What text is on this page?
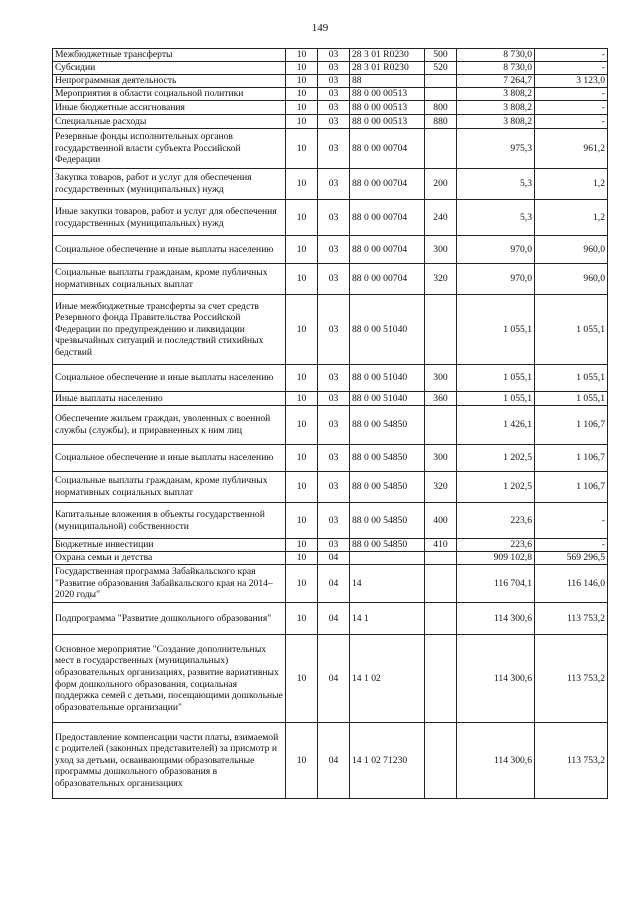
149
Межбюджетные трансферты	10	03	28 3 01 R0230	500	8 730,0	-
Субсидии	10	03	28 3 01 R0230	520	8 730,0	-
Непрограммная деятельность	10	03	88		7 264,7	3 123,0
Мероприятия в области социальной политики	10	03	88 0 00 00513		3 808,2	-
Иные бюджетные ассигнования	10	03	88 0 00 00513	800	3 808,2	-
Специальные расходы	10	03	88 0 00 00513	880	3 808,2	-
Резервные фонды исполнительных органов государственной власти субъекта Российской Федерации	10	03	88 0 00 00704		975,3	961,2
Закупка товаров, работ и услуг для обеспечения государственных (муниципальных) нужд	10	03	88 0 00 00704	200	5,3	1,2
Иные закупки товаров, работ и услуг для обеспечения государственных (муниципальных) нужд	10	03	88 0 00 00704	240	5,3	1,2
Социальное обеспечение и иные выплаты населению	10	03	88 0 00 00704	300	970,0	960,0
Социальные выплаты гражданам, кроме публичных нормативных социальных выплат	10	03	88 0 00 00704	320	970,0	960,0
Иные межбюджетные трансферты за счет средств Резервного фонда Правительства Российской Федерации по предупреждению и ликвидации чрезвычайных ситуаций и последствий стихийных бедствий	10	03	88 0 00 51040		1 055,1	1 055,1
Социальное обеспечение и иные выплаты населению	10	03	88 0 00 51040	300	1 055,1	1 055,1
Иные выплаты населению	10	03	88 0 00 51040	360	1 055,1	1 055,1
Обеспечение жильем граждан, уволенных с военной службы (службы), и приравненных к ним лиц	10	03	88 0 00 54850		1 426,1	1 106,7
Социальное обеспечение и иные выплаты населению	10	03	88 0 00 54850	300	1 202,5	1 106,7
Социальные выплаты гражданам, кроме публичных нормативных социальных выплат	10	03	88 0 00 54850	320	1 202,5	1 106,7
Капитальные вложения в объекты государственной (муниципальной) собственности	10	03	88 0 00 54850	400	223,6	-
Бюджетные инвестиции	10	03	88 0 00 54850	410	223,6	-
Охрана семьи и детства	10	04			909 102,8	569 296,5
Государственная программа Забайкальского края "Развитие образования Забайкальского края на 2014–2020 годы"	10	04	14		116 704,1	116 146,0
Подпрограмма "Развитие дошкольного образования"	10	04	14 1		114 300,6	113 753,2
Основное мероприятие "Создание дополнительных мест в государственных (муниципальных) образовательных организациях, развитие вариативных форм дошкольного образования, социальная поддержка семей с детьми, посещающими дошкольные образовательные организации"	10	04	14 1 02		114 300,6	113 753,2
Предоставление компенсации части платы, взимаемой с родителей (законных представителей) за присмотр и уход за детьми, осваивающими образовательные программы дошкольного образования в образовательных организациях	10	04	14 1 02 71230		114 300,6	113 753,2
